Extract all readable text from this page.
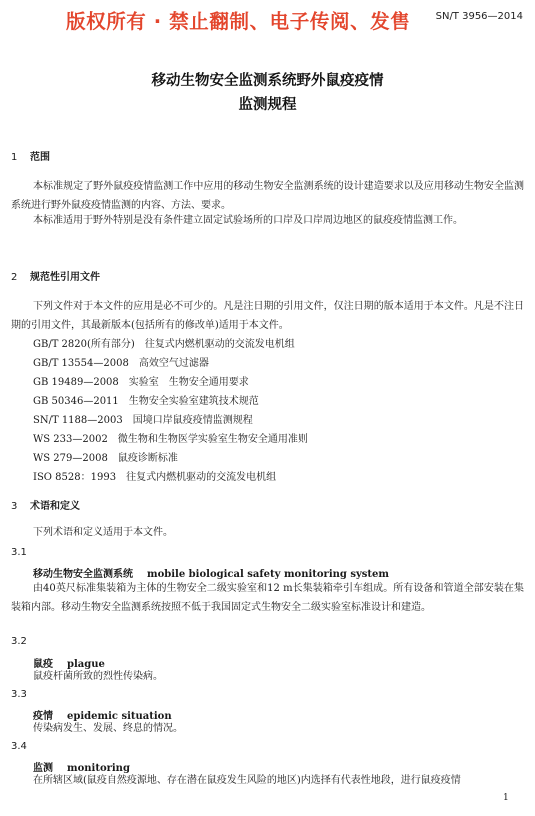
版权所有 · 禁止翻制、电子传阅、发售	SN/T 3956—2014
移动生物安全监测系统野外鼠疫疫情
监测规程
1 范围
本标准规定了野外鼠疫疫情监测工作中应用的移动生物安全监测系统的设计建造要求以及应用移动生物安全监测系统进行野外鼠疫疫情监测的内容、方法、要求。
本标准适用于野外特别是没有条件建立固定试验场所的口岸及口岸周边地区的鼠疫疫情监测工作。
2 规范性引用文件
下列文件对于本文件的应用是必不可少的。凡是注日期的引用文件，仅注日期的版本适用于本文件。凡是不注日期的引用文件，其最新版本(包括所有的修改单)适用于本文件。
GB/T 2820(所有部分) 往复式内燃机驱动的交流发电机组
GB/T 13554—2008 高效空气过滤器
GB 19489—2008 实验室　生物安全通用要求
GB 50346—2011 生物安全实验室建筑技术规范
SN/T 1188—2003 国境口岸鼠疫疫情监测规程
WS 233—2002 微生物和生物医学实验室生物安全通用准则
WS 279—2008 鼠疫诊断标准
ISO 8528：1993 往复式内燃机驱动的交流发电机组
3 术语和定义
下列术语和定义适用于本文件。
3.1
移动生物安全监测系统 mobile biological safety monitoring system
由40英尺标准集装箱为主体的生物安全二级实验室和12 m长集装箱牵引车组成。所有设备和管道全部安装在集装箱内部。移动生物安全监测系统按照不低于我国固定式生物安全二级实验室标准设计和建造。
3.2
鼠疫 plague
鼠疫杆菌所致的烈性传染病。
3.3
疫情 epidemic situation
传染病发生、发展、终息的情况。
3.4
监测 monitoring
在所辖区域(鼠疫自然疫源地、存在潜在鼠疫发生风险的地区)内选择有代表性地段，进行鼠疫疫情
1
